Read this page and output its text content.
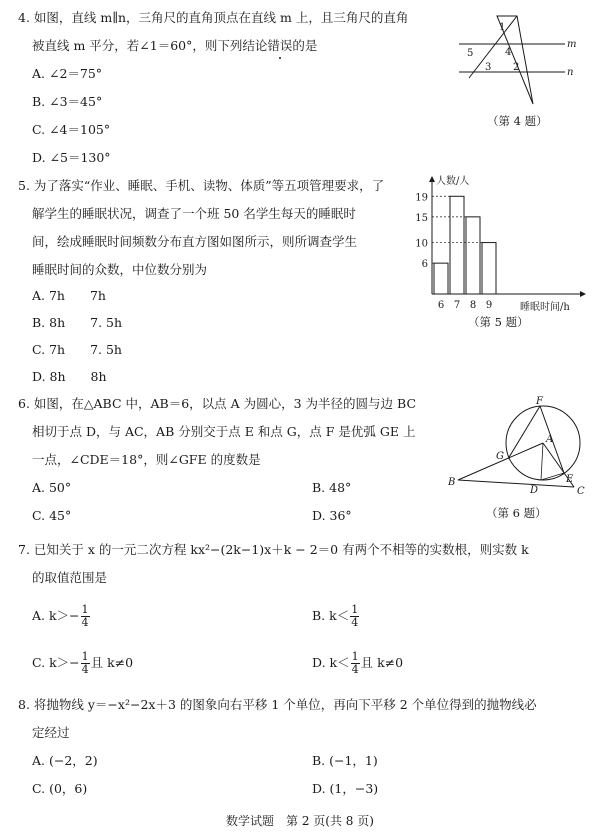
4. 如图，直线 m∥n，三角尺的直角顶点在直线 m 上，且三角尺的直角
被直线 m 平分，若∠1＝60°，则下列结论错误的是
A. ∠2＝75°
B. ∠3＝45°
C. ∠4＝105°
D. ∠5＝130°
m
n
1
2
3
4
5
（第 4 题）
5. 为了落实“作业、睡眠、手机、读物、体质”等五项管理要求，了
解学生的睡眠状况，调查了一个班 50 名学生每天的睡眠时
间，绘成睡眠时间频数分布直方图如图所示，则所调查学生
睡眠时间的众数，中位数分别为
A. 7h　　7h
B. 8h　　7. 5h
C. 7h　　7. 5h
D. 8h　　8h
人数/人
睡眠时间/h
6 7 8 9
6
10
15
19
（第 5 题）
6. 如图，在△ABC 中，AB＝6，以点 A 为圆心，3 为半径的圆与边 BC
相切于点 D，与 AC，AB 分别交于点 E 和点 G，点 F 是优弧 GE 上
一点，∠CDE＝18°，则∠GFE 的度数是
A. 50°	B. 48°
C. 45°	D. 36°
B
C
D
E
F
G
A
（第 6 题）
7. 已知关于 x 的一元二次方程 kx²−(2k−1)x＋k − 2＝0 有两个不相等的实数根，则实数 k
的取值范围是
A. $k>- \frac{1}{4}$	B. $k< \frac{1}{4}$
C. $k>- \frac{1}{4}$ 且 k≠0	D. $k< \frac{1}{4}$ 且 k≠0
8. 将抛物线 y＝−x²−2x＋3 的图象向右平移 1 个单位，再向下平移 2 个单位得到的抛物线必
定经过
A. (−2，2)	B. (−1，1)
C. (0，6)	D. (1，−3)
数学试题　第 2 页(共 8 页)
